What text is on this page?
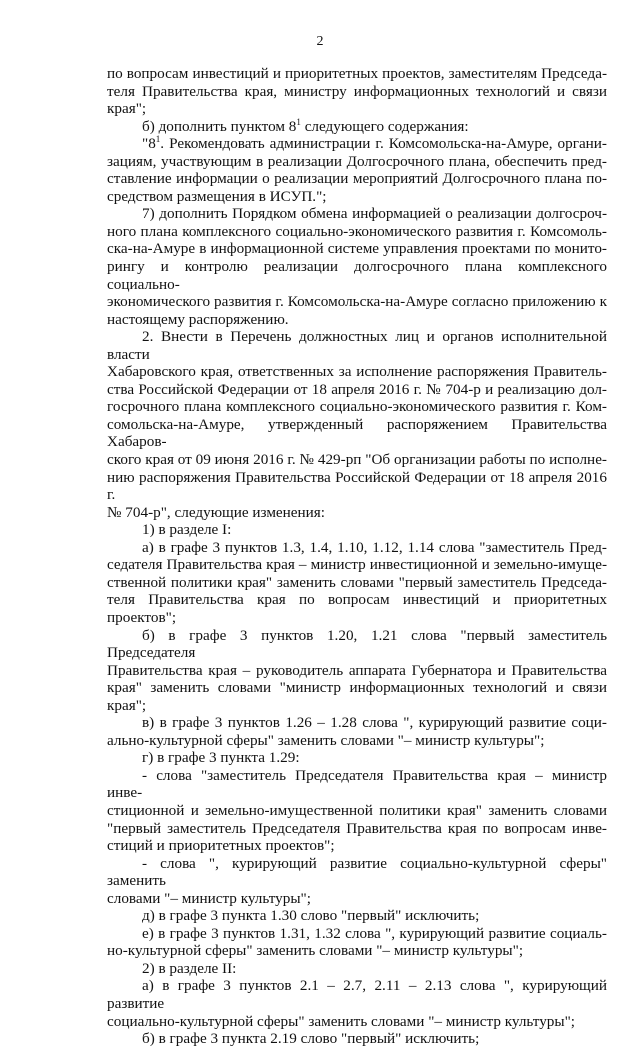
2

по вопросам инвестиций и приоритетных проектов, заместителям Председа-

теля Правительства края, министру информационных технологий и связи края";

б) дополнить пунктом $8^1$ следующего содержания:

"$8^1$. Рекомендовать администрации г. Комсомольска-на-Амуре, органи-

зациям, участвующим в реализации Долгосрочного плана, обеспечить пред-

ставление информации о реализации мероприятий Долгосрочного плана по-

средством размещения в ИСУП.";

7) дополнить Порядком обмена информацией о реализации долгосроч-

ного плана комплексного социально-экономического развития г. Комсомоль-

ска-на-Амуре в информационной системе управления проектами по монито-

рингу и контролю реализации долгосрочного плана комплексного социально-

экономического развития г. Комсомольска-на-Амуре согласно приложению к

настоящему распоряжению.

2. Внести в Перечень должностных лиц и органов исполнительной власти

Хабаровского края, ответственных за исполнение распоряжения Правитель-

ства Российской Федерации от 18 апреля 2016 г. № 704-р и реализацию дол-

госрочного плана комплексного социально-экономического развития г. Ком-

сомольска-на-Амуре, утвержденный распоряжением Правительства Хабаров-

ского края от 09 июня 2016 г. № 429-рп "Об организации работы по исполне-

нию распоряжения Правительства Российской Федерации от 18 апреля 2016 г.

№ 704-р", следующие изменения:

1) в разделе I:

а) в графе 3 пунктов 1.3, 1.4, 1.10, 1.12, 1.14 слова "заместитель Пред-

седателя Правительства края – министр инвестиционной и земельно-имуще-

ственной политики края" заменить словами "первый заместитель Председа-

теля Правительства края по вопросам инвестиций и приоритетных проектов";

б) в графе 3 пунктов 1.20, 1.21 слова "первый заместитель Председателя

Правительства края – руководитель аппарата Губернатора и Правительства

края" заменить словами "министр информационных технологий и связи края";

в) в графе 3 пунктов 1.26 – 1.28 слова ", курирующий развитие соци-

ально-культурной сферы" заменить словами "– министр культуры";

г) в графе 3 пункта 1.29:

- слова "заместитель Председателя Правительства края – министр инве-

стиционной и земельно-имущественной политики края" заменить словами

"первый заместитель Председателя Правительства края по вопросам инве-

стиций и приоритетных проектов";

- слова ", курирующий развитие социально-культурной сферы" заменить

словами "– министр культуры";

д) в графе 3 пункта 1.30 слово "первый" исключить;

е) в графе 3 пунктов 1.31, 1.32 слова ", курирующий развитие социаль-

но-культурной сферы" заменить словами "– министр культуры";

2) в разделе II:

а) в графе 3 пунктов 2.1 – 2.7, 2.11 – 2.13 слова ", курирующий развитие

социально-культурной сферы" заменить словами "– министр культуры";

б) в графе 3 пункта 2.19 слово "первый" исключить;
